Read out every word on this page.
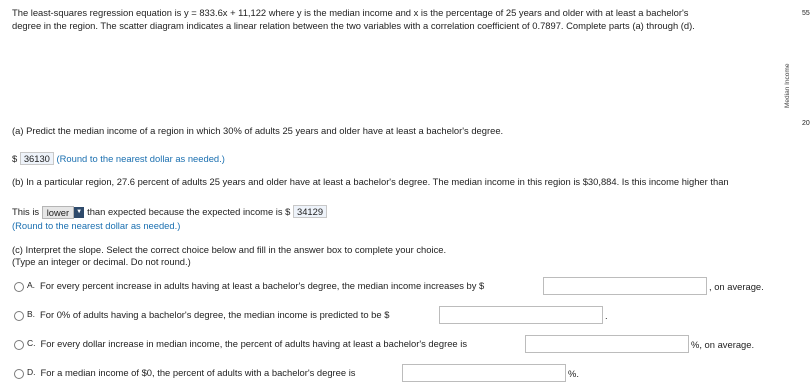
The least-squares regression equation is y = 833.6x + 11,122 where y is the median income and x is the percentage of 25 years and older with at least a bachelor's
degree in the region. The scatter diagram indicates a linear relation between the two variables with a correlation coefficient of 0.7897. Complete parts (a) through (d).
55
20
Median Income
(a) Predict the median income of a region in which 30% of adults 25 years and older have at least a bachelor's degree.
$ 36130 (Round to the nearest dollar as needed.)
(b) In a particular region, 27.6 percent of adults 25 years and older have at least a bachelor's degree. The median income in this region is $30,884. Is this income higher than
This is lower ▼ than expected because the expected income is $ 34129
(Round to the nearest dollar as needed.)
(c) Interpret the slope. Select the correct choice below and fill in the answer box to complete your choice.
(Type an integer or decimal. Do not round.)
A. For every percent increase in adults having at least a bachelor's degree, the median income increases by $	, on average.
B. For 0% of adults having a bachelor's degree, the median income is predicted to be $	.
C. For every dollar increase in median income, the percent of adults having at least a bachelor's degree is	%, on average.
D. For a median income of $0, the percent of adults with a bachelor's degree is	%.
